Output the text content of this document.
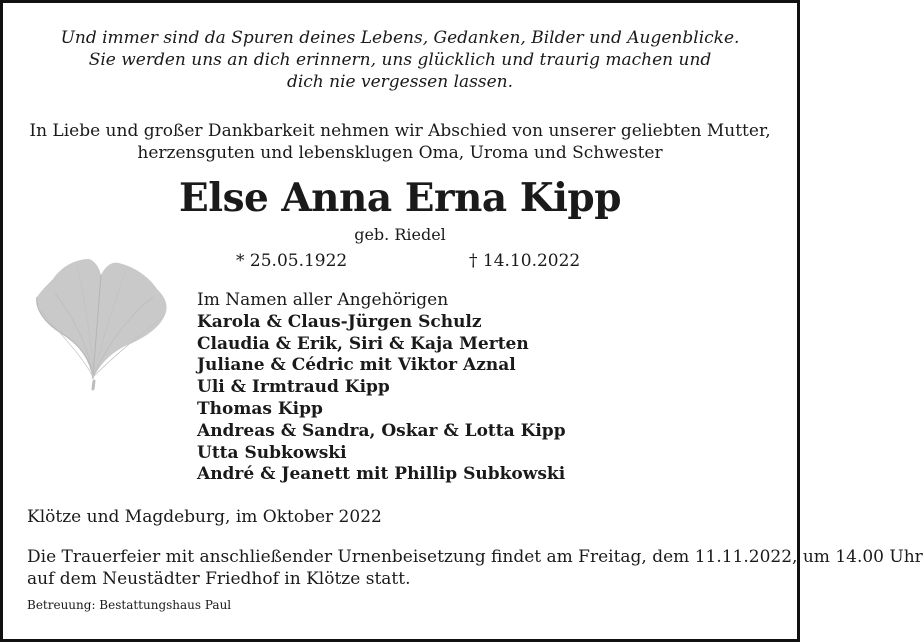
Und immer sind da Spuren deines Lebens, Gedanken, Bilder und Augenblicke.
Sie werden uns an dich erinnern, uns glücklich und traurig machen und
dich nie vergessen lassen.
In Liebe und großer Dankbarkeit nehmen wir Abschied von unserer geliebten Mutter,
herzensguten und lebensklugen Oma, Uroma und Schwester
Else Anna Erna Kipp
geb. Riedel
* 25.05.1922	† 14.10.2022
Im Namen aller Angehörigen
Karola & Claus-Jürgen Schulz
Claudia & Erik, Siri & Kaja Merten
Juliane & Cédric mit Viktor Aznal
Uli & Irmtraud Kipp
Thomas Kipp
Andreas & Sandra, Oskar & Lotta Kipp
Utta Subkowski
André & Jeanett mit Phillip Subkowski
Klötze und Magdeburg, im Oktober 2022
Die Trauerfeier mit anschließender Urnenbeisetzung findet am Freitag, dem 11.11.2022, um 14.00 Uhr
auf dem Neustädter Friedhof in Klötze statt.
Betreuung: Bestattungshaus Paul
